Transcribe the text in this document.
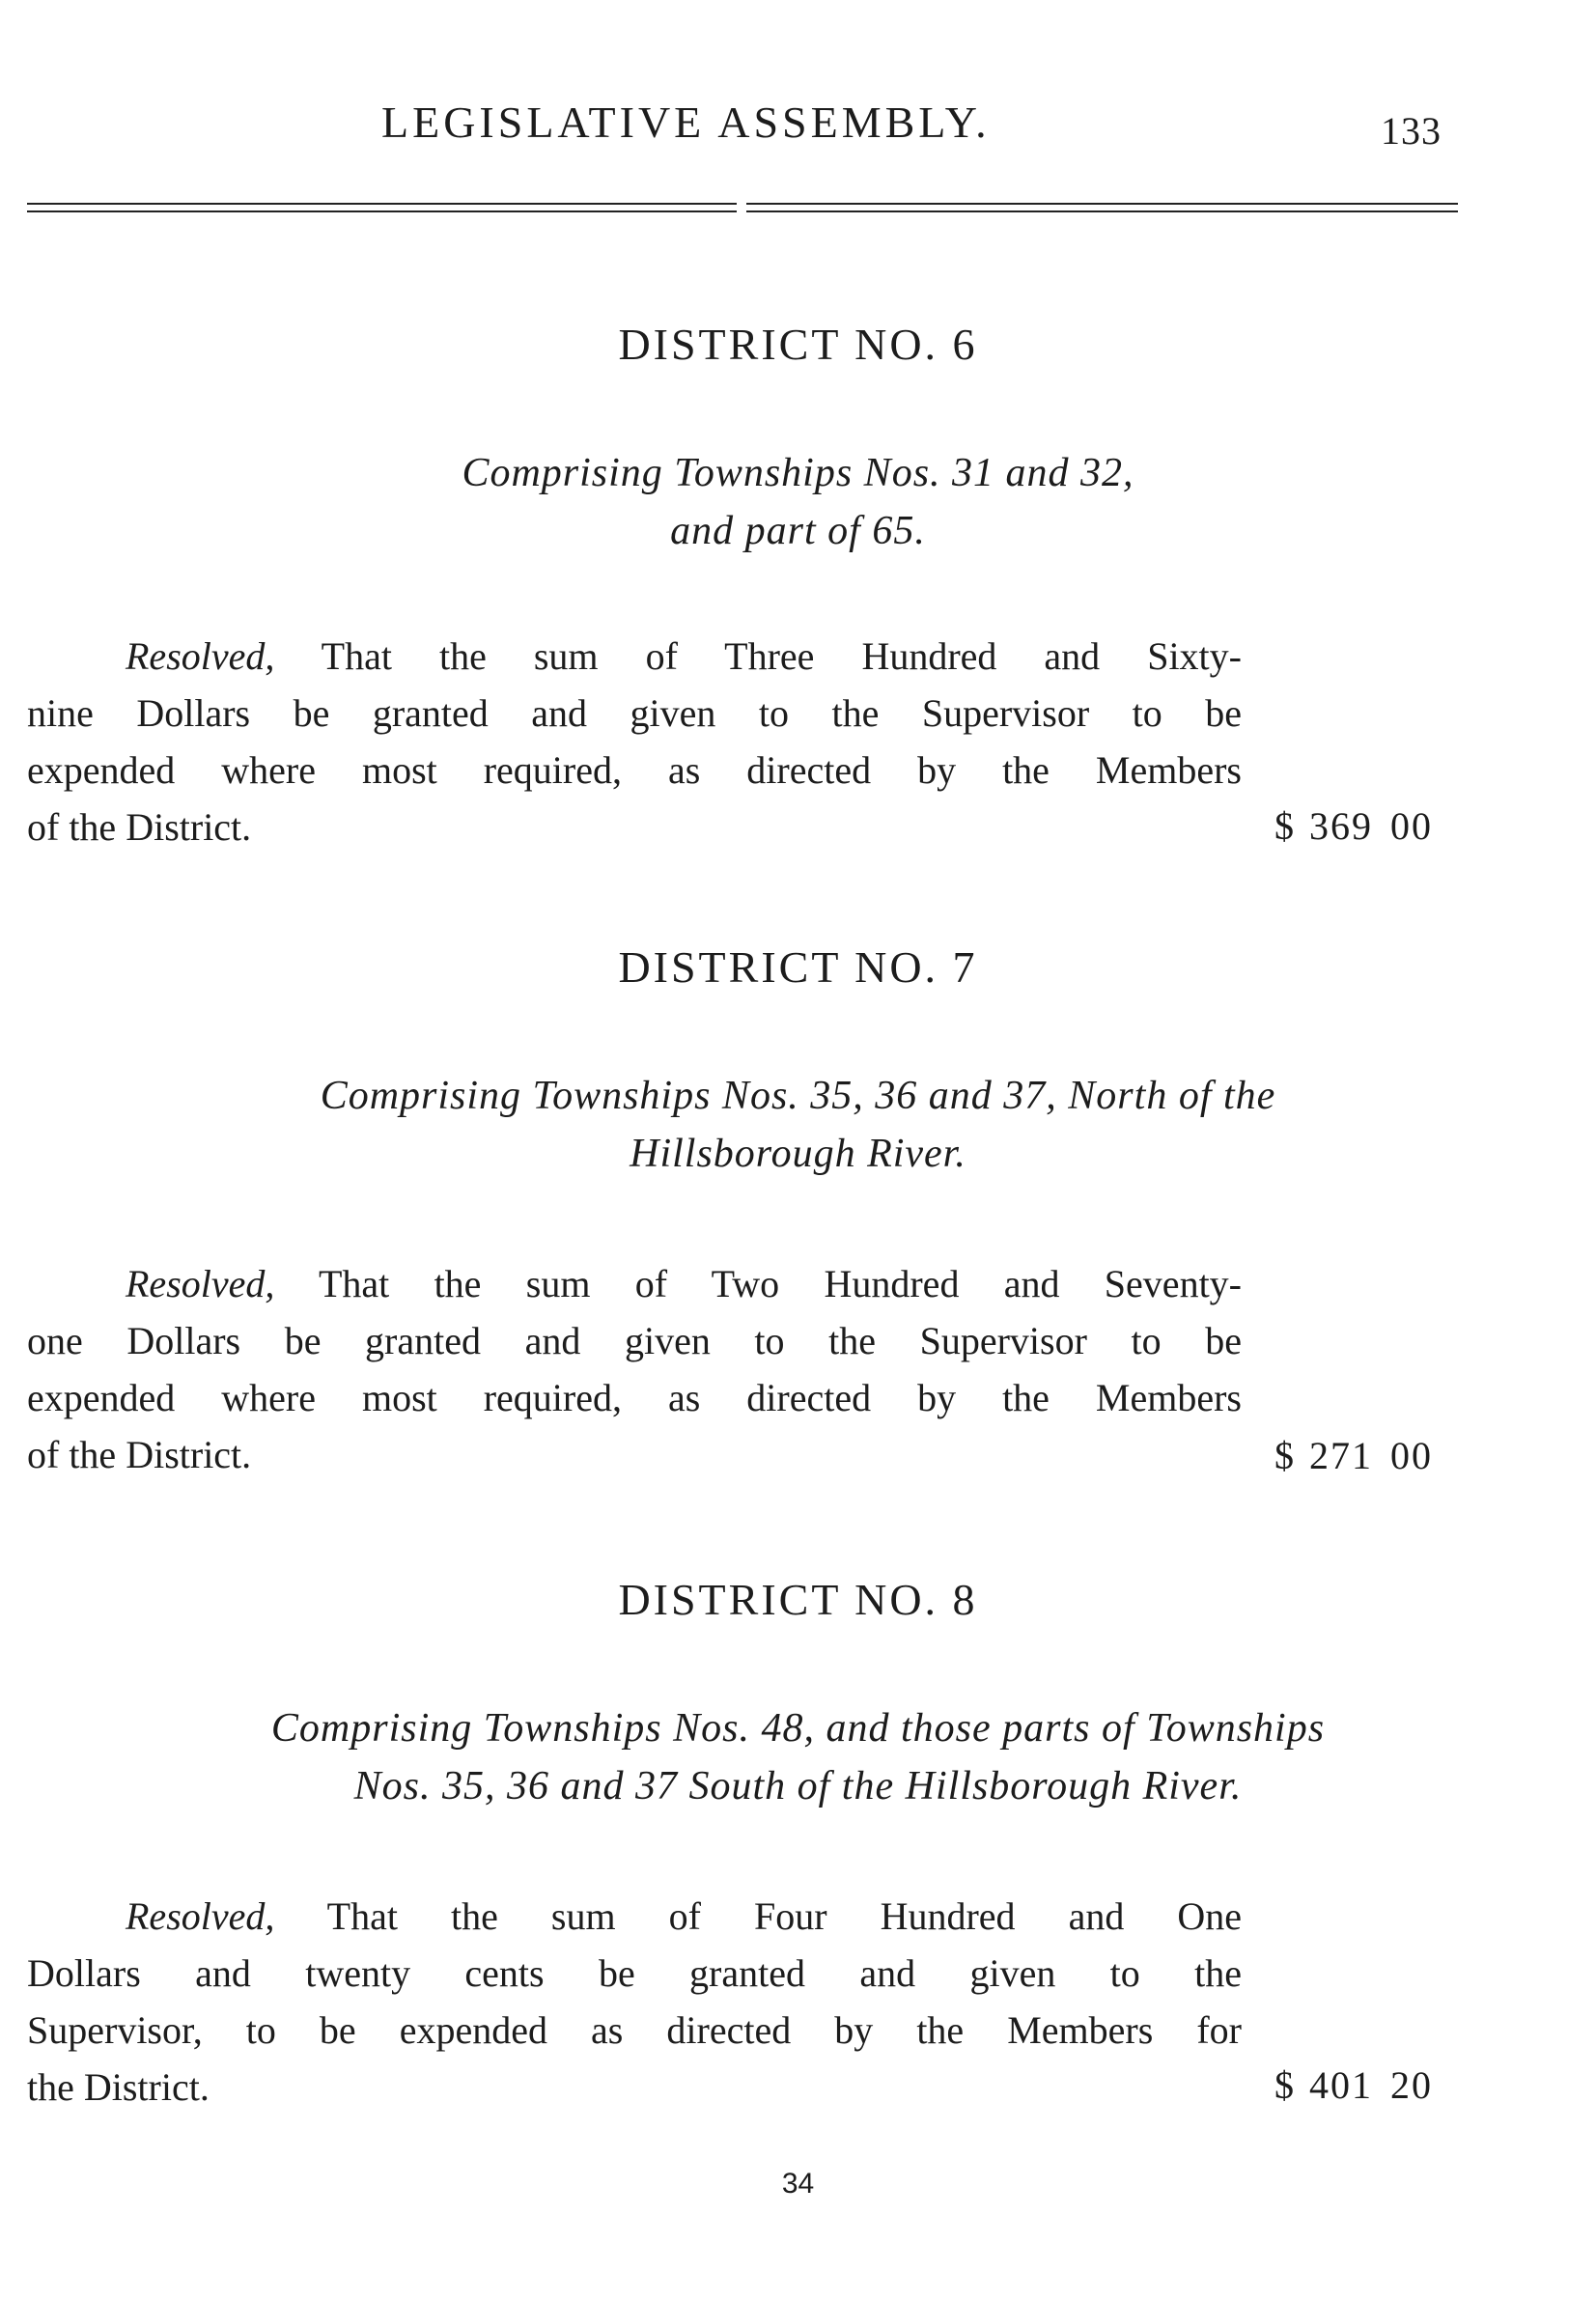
LEGISLATIVE ASSEMBLY.	133
DISTRICT NO. 6
Comprising Townships Nos. 31 and 32,
and part of 65.
Resolved, That the sum of Three Hundred and Sixty-
nine Dollars be granted and given to the Supervisor to be
expended where most required, as directed by the Members
of the District.	$ 369 00
DISTRICT NO. 7
Comprising Townships Nos. 35, 36 and 37, North of the
Hillsborough River.
Resolved, That the sum of Two Hundred and Seventy-
one Dollars be granted and given to the Supervisor to be
expended where most required, as directed by the Members
of the District.	$ 271 00
DISTRICT NO. 8
Comprising Townships Nos. 48, and those parts of Townships
Nos. 35, 36 and 37 South of the Hillsborough River.
Resolved, That the sum of Four Hundred and One
Dollars and twenty cents be granted and given to the
Supervisor, to be expended as directed by the Members for
the District.	$ 401 20
34
